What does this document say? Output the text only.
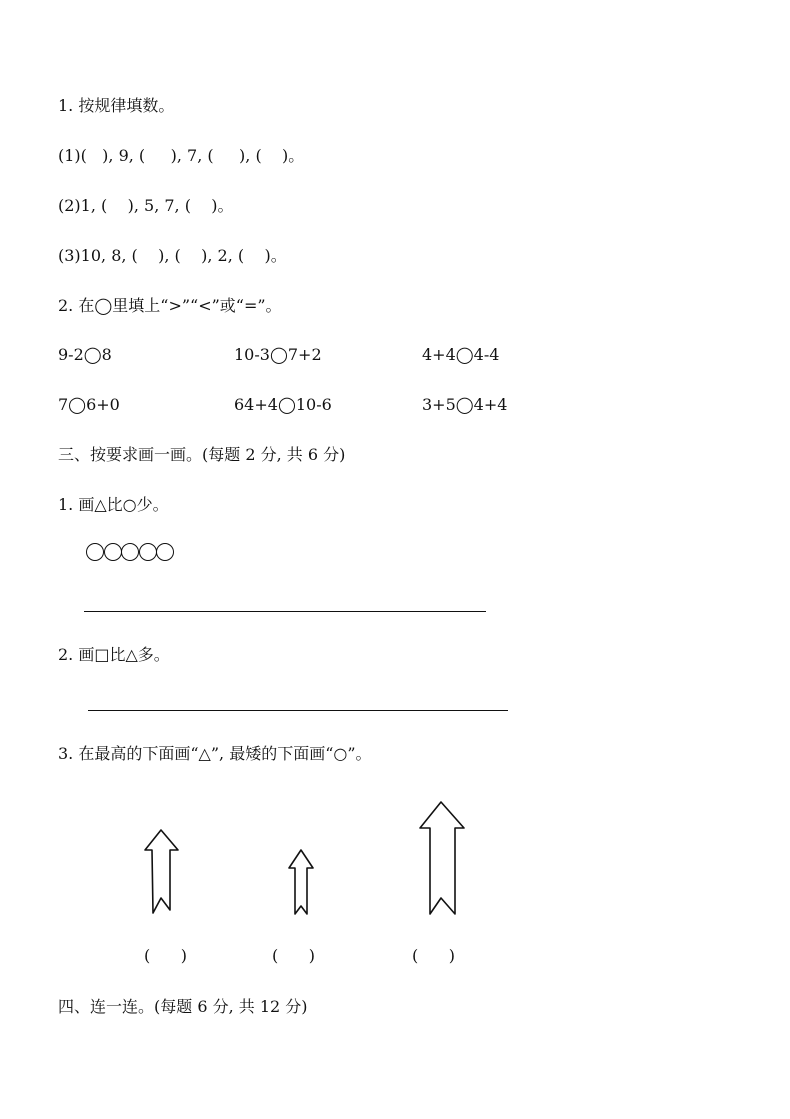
1. 按规律填数。
(1)(   ), 9, (     ), 7, (     ), (    )。
(2)1, (    ), 5, 7, (    )。
(3)10, 8, (    ), (    ), 2, (    )。
2. 在◯里填上“>”“<”或“=”。
9-2◯8	10-3◯7+2	4+4◯4-4
7◯6+0	64+4◯10-6	3+5◯4+4
三、按要求画一画。(每题 2 分, 共 6 分)
1. 画△比○少。
2. 画□比△多。
3. 在最高的下面画“△”, 最矮的下面画“○”。
(      )	(      )	(      )
四、连一连。(每题 6 分, 共 12 分)
